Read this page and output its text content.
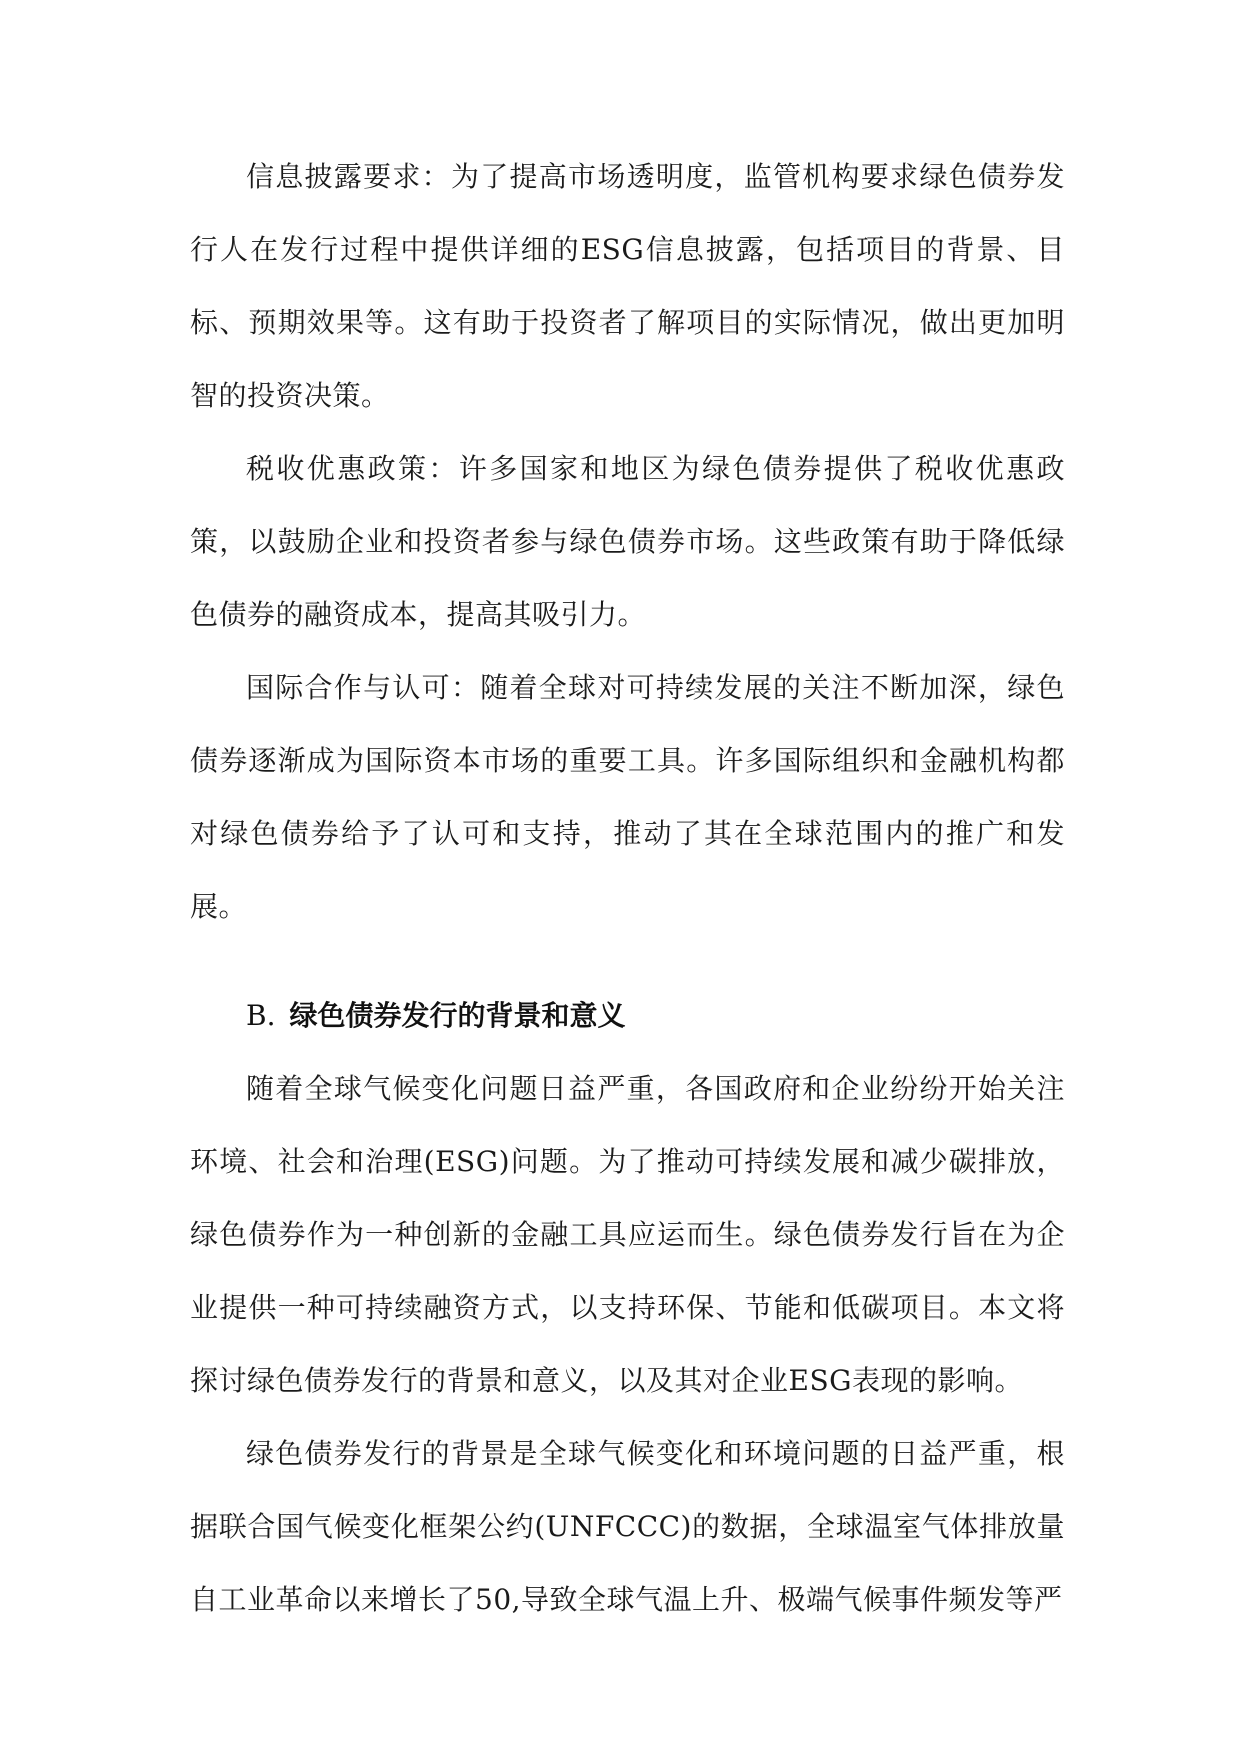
信息披露要求：为了提高市场透明度，监管机构要求绿色债券发行人在发行过程中提供详细的ESG信息披露，包括项目的背景、目标、预期效果等。这有助于投资者了解项目的实际情况，做出更加明智的投资决策。

税收优惠政策：许多国家和地区为绿色债券提供了税收优惠政策，以鼓励企业和投资者参与绿色债券市场。这些政策有助于降低绿色债券的融资成本，提高其吸引力。

国际合作与认可：随着全球对可持续发展的关注不断加深，绿色债券逐渐成为国际资本市场的重要工具。许多国际组织和金融机构都对绿色债券给予了认可和支持，推动了其在全球范围内的推广和发展。

B. 绿色债券发行的背景和意义

随着全球气候变化问题日益严重，各国政府和企业纷纷开始关注环境、社会和治理(ESG)问题。为了推动可持续发展和减少碳排放，绿色债券作为一种创新的金融工具应运而生。绿色债券发行旨在为企业提供一种可持续融资方式，以支持环保、节能和低碳项目。本文将探讨绿色债券发行的背景和意义，以及其对企业ESG表现的影响。

绿色债券发行的背景是全球气候变化和环境问题的日益严重，根据联合国气候变化框架公约(UNFCCC)的数据，全球温室气体排放量自工业革命以来增长了50,导致全球气温上升、极端气候事件频发等严
